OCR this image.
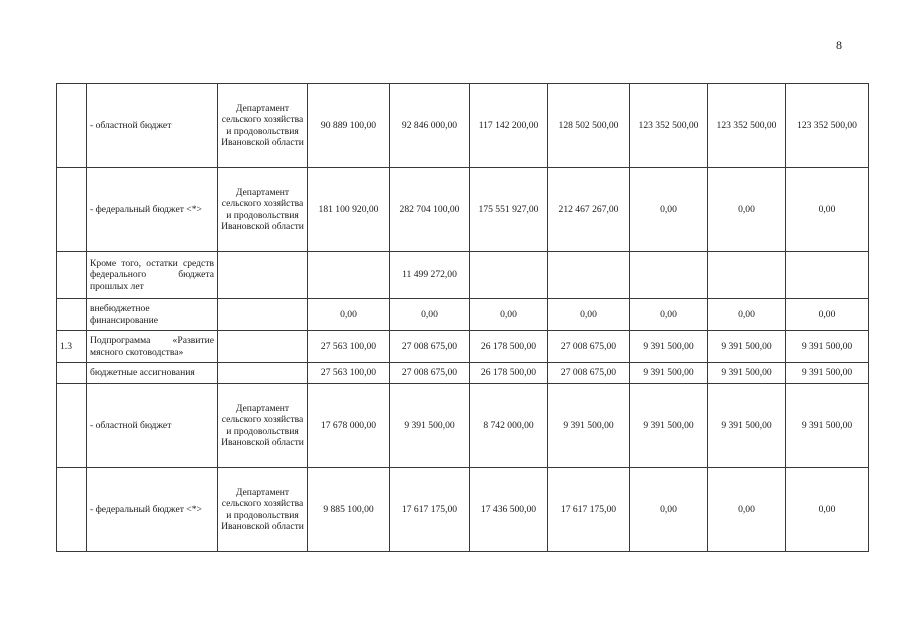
8
	- областной бюджет	Департамент сельского хозяйства и продовольствия Ивановской области	90 889 100,00	92 846 000,00	117 142 200,00	128 502 500,00	123 352 500,00	123 352 500,00	123 352 500,00
	- федеральный бюджет <*>	Департамент сельского хозяйства и продовольствия Ивановской области	181 100 920,00	282 704 100,00	175 551 927,00	212 467 267,00	0,00	0,00	0,00
	Кроме того, остатки средств федерального бюджета прошлых лет			11 499 272,00					
	внебюджетное финансирование		0,00	0,00	0,00	0,00	0,00	0,00	0,00
1.3	Подпрограмма «Развитие мясного скотоводства»		27 563 100,00	27 008 675,00	26 178 500,00	27 008 675,00	9 391 500,00	9 391 500,00	9 391 500,00
	бюджетные ассигнования		27 563 100,00	27 008 675,00	26 178 500,00	27 008 675,00	9 391 500,00	9 391 500,00	9 391 500,00
	- областной бюджет	Департамент сельского хозяйства и продовольствия Ивановской области	17 678 000,00	9 391 500,00	8 742 000,00	9 391 500,00	9 391 500,00	9 391 500,00	9 391 500,00
	- федеральный бюджет <*>	Департамент сельского хозяйства и продовольствия Ивановской области	9 885 100,00	17 617 175,00	17 436 500,00	17 617 175,00	0,00	0,00	0,00
